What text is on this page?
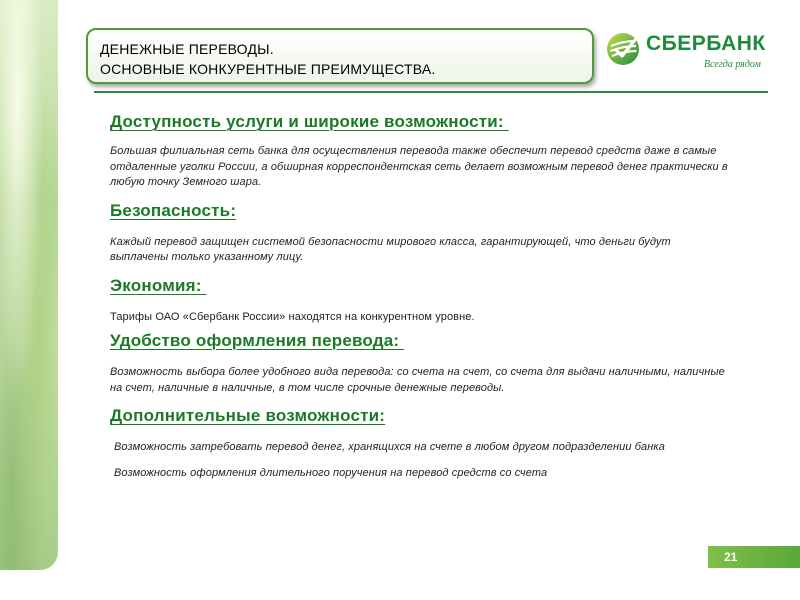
ДЕНЕЖНЫЕ ПЕРЕВОДЫ.
ОСНОВНЫЕ КОНКУРЕНТНЫЕ ПРЕИМУЩЕСТВА.
СБЕРБАНК
Всегда рядом
Доступность услуги и широкие возможности:
Большая филиальная сеть банка для осуществления перевода также обеспечит перевод средств даже в самые отдаленные уголки России, а обширная корреспондентская сеть делает возможным перевод денег практически в любую точку Земного шара.
Безопасность:
Каждый перевод защищен системой безопасности мирового класса, гарантирующей, что деньги будут выплачены только указанному лицу.
Экономия:
Тарифы ОАО «Сбербанк России» находятся на конкурентном уровне.
Удобство оформления перевода:
Возможность выбора более удобного вида перевода: со счета на счет, со счета для выдачи наличными, наличные на счет, наличные в наличные, в том числе срочные денежные переводы.
Дополнительные возможности:
Возможность затребовать перевод денег, хранящихся на счете в любом другом подразделении банка
Возможность оформления длительного поручения на перевод средств со счета
21
